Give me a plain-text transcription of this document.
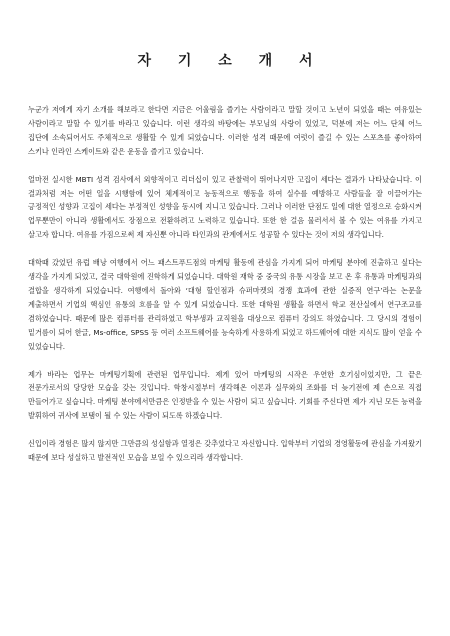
자 기 소 개 서

누군가 저에게 자기 소개를 해보라고 한다면 지금은 어울림을 즐기는 사람이라고 말할 것이고 노년이 되었을 때는 여유있는 사람이라고 말할 수 있기를 바라고 있습니다. 이런 생각의 바탕에는 부모님의 사랑이 있었고, 덕분에 저는 어느 단체 어느 집단에 소속되어서도 주체적으로 생활할 수 있게 되었습니다. 이러한 성격 때문에 여럿이 즐길 수 있는 스포츠를 좋아하여 스키나 인라인 스케이트와 같은 운동을 즐기고 있습니다.

얼마전 실시한 MBTI 성격 검사에서 외향적이고 리더십이 있고 관찰력이 뛰어나지만 고집이 세다는 결과가 나타났습니다. 이 결과처럼 저는 어떤 일을 시행함에 있어 체계적이고 능동적으로 행동을 하여 실수를 예방하고 사람들을 잘 이끌어가는 긍정적인 성향과 고집이 세다는 부정적인 성향을 동시에 지니고 있습니다. 그러나 이러한 단점도 일에 대한 열정으로 승화시켜 업무뿐만이 아니라 생활에서도 장점으로 전환하려고 노력하고 있습니다. 또한 한 걸음 물러서서 볼 수 있는 여유를 가지고 살고자 합니다. 여유를 가짐으로써 제 자신뿐 아니라 타인과의 관계에서도 성공할 수 있다는 것이 저의 생각입니다.

대학때 갔었던 유럽 배낭 여행에서 어느 패스트푸드점의 마케팅 활동에 관심을 가지게 되어 마케팅 분야에 진출하고 싶다는 생각을 가지게 되었고, 결국 대학원에 진학하게 되었습니다. 대학원 재학 중 중국의 유통 시장을 보고 온 후 유통과 마케팅과의 결합을 생각하게 되었습니다. 여행에서 돌아와 ‘대형 할인점과 슈퍼마켓의 경쟁 효과에 관한 실증적 연구’라는 논문을 계출하면서 기업의 핵심인 유통의 흐름을 알 수 있게 되었습니다. 또한 대학원 생활을 하면서 학교 전산실에서 연구조교를 겸하였습니다. 때문에 많은 컴퓨터를 관리하였고 학부생과 교직원을 대상으로 컴퓨터 강의도 하였습니다. 그 당시의 경험이 밑거름이 되어 한글, Ms-office, SPSS 등 여러 소프트웨어를 능숙하게 사용하게 되었고 하드웨어에 대한 지식도 많이 얻을 수 있었습니다.

제가 바라는 업무는 마케팅기획에 관련된 업무입니다. 제게 있어 마케팅의 시작은 우연한 호기심이었지만, 그 끝은 전문가로서의 당당한 모습을 갖는 것입니다. 학창시절부터 생각해온 이론과 실무와의 조화를 더 늦기전에 제 손으로 직접 만들어가고 싶습니다. 마케팅 분야에서만큼은 인정받을 수 있는 사람이 되고 싶습니다. 기회를 주신다면 제가 지닌 모든 능력을 발휘하여 귀사에 보탬이 될 수 있는 사람이 되도록 하겠습니다.

신입이라 경험은 많지 않지만 그만큼의 성실함과 열정은 갖추었다고 자신합니다. 입학부터 기업의 경영활동에 관심을 가져왔기 때문에 보다 성실하고 발전적인 모습을 보일 수 있으리라 생각합니다.
